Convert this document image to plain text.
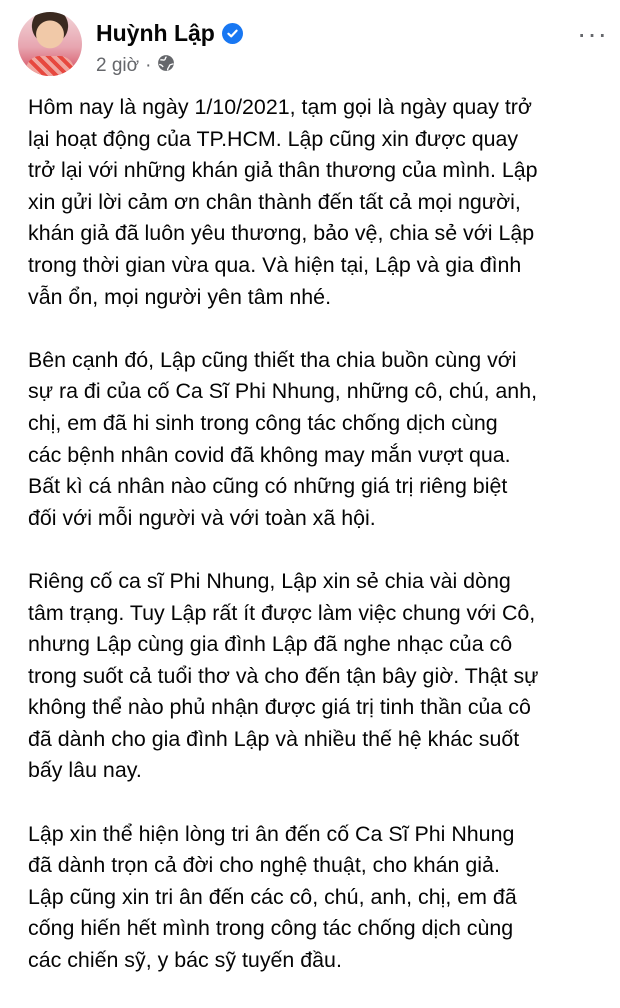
Huỳnh Lập
2 giờ ·
···

Hôm nay là ngày 1/10/2021, tạm gọi là ngày quay trở
lại hoạt động của TP.HCM. Lập cũng xin được quay
trở lại với những khán giả thân thương của mình. Lập
xin gửi lời cảm ơn chân thành đến tất cả mọi người,
khán giả đã luôn yêu thương, bảo vệ, chia sẻ với Lập
trong thời gian vừa qua. Và hiện tại, Lập và gia đình
vẫn ổn, mọi người yên tâm nhé.

Bên cạnh đó, Lập cũng thiết tha chia buồn cùng với
sự ra đi của cố Ca Sĩ Phi Nhung, những cô, chú, anh,
chị, em đã hi sinh trong công tác chống dịch cùng
các bệnh nhân covid đã không may mắn vượt qua.
Bất kì cá nhân nào cũng có những giá trị riêng biệt
đối với mỗi người và với toàn xã hội.

Riêng cố ca sĩ Phi Nhung, Lập xin sẻ chia vài dòng
tâm trạng. Tuy Lập rất ít được làm việc chung với Cô,
nhưng Lập cùng gia đình Lập đã nghe nhạc của cô
trong suốt cả tuổi thơ và cho đến tận bây giờ. Thật sự
không thể nào phủ nhận được giá trị tinh thần của cô
đã dành cho gia đình Lập và nhiều thế hệ khác suốt
bấy lâu nay.

Lập xin thể hiện lòng tri ân đến cố Ca Sĩ Phi Nhung
đã dành trọn cả đời cho nghệ thuật, cho khán giả.
Lập cũng xin tri ân đến các cô, chú, anh, chị, em đã
cống hiến hết mình trong công tác chống dịch cùng
các chiến sỹ, y bác sỹ tuyến đầu.
